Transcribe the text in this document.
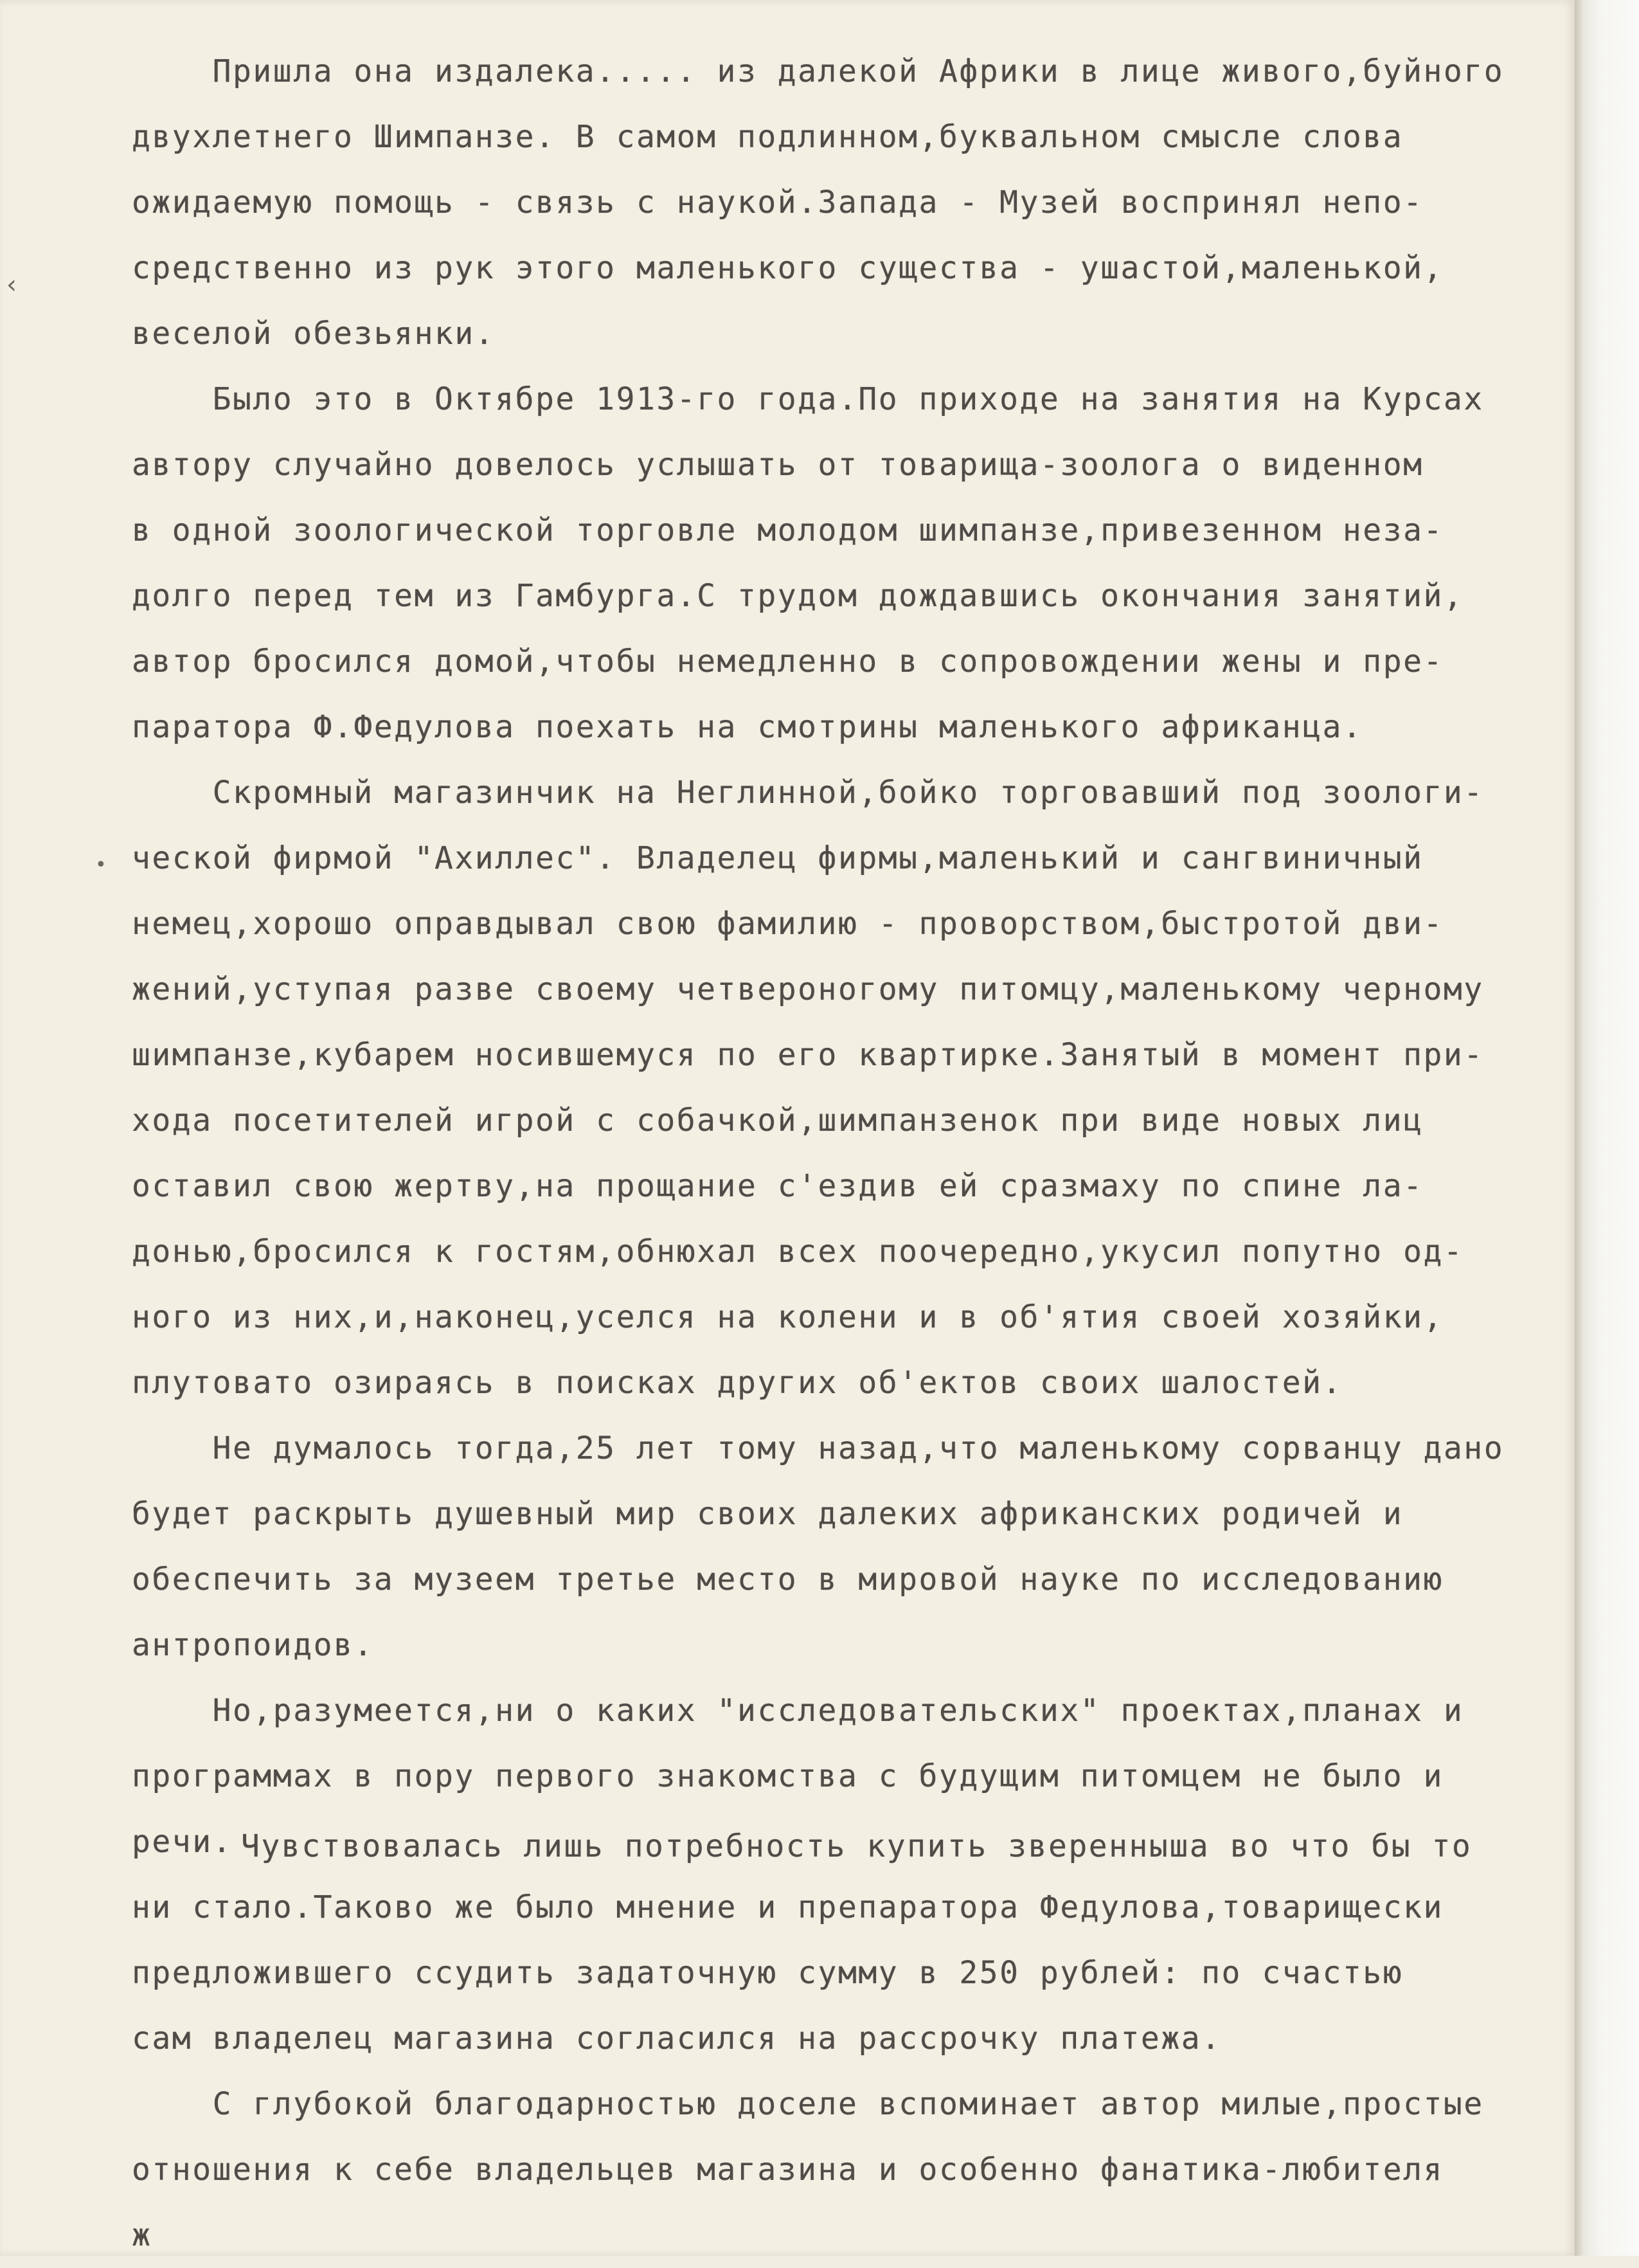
Пришла она издалека..... из далекой Африки в лице живого,буйного
двухлетнего Шимпанзе. В самом подлинном,буквальном смысле слова
ожидаемую помощь - связь с наукой.Запада - Музей воспринял непо-
средственно из рук этого маленького существа - ушастой,маленькой,
веселой обезьянки.
Было это в Октябре 1913-го года.По приходе на занятия на Курсах
автору случайно довелось услышать от товарища-зоолога о виденном
в одной зоологической торговле молодом шимпанзе,привезенном неза-
долго перед тем из Гамбурга.С трудом дождавшись окончания занятий,
автор бросился домой,чтобы немедленно в сопровождении жены и пре-
паратора Ф.Федулова поехать на смотрины маленького африканца.
Скромный магазинчик на Неглинной,бойко торговавший под зоологи-
ческой фирмой "Ахиллес". Владелец фирмы,маленький и сангвиничный
немец,хорошо оправдывал свою фамилию - проворством,быстротой дви-
жений,уступая разве своему четвероногому питомцу,маленькому черному
шимпанзе,кубарем носившемуся по его квартирке.Занятый в момент при-
хода посетителей игрой с собачкой,шимпанзенок при виде новых лиц
оставил свою жертву,на прощание с'ездив ей сразмаху по спине ла-
донью,бросился к гостям,обнюхал всех поочередно,укусил попутно од-
ного из них,и,наконец,уселся на колени и в об'ятия своей хозяйки,
плутовато озираясь в поисках других об'ектов своих шалостей.
Не думалось тогда,25 лет тому назад,что маленькому сорванцу дано
будет раскрыть душевный мир своих далеких африканских родичей и
обеспечить за музеем третье место в мировой науке по исследованию
антропоидов.
Но,разумеется,ни о каких "исследовательских" проектах,планах и
программах в пору первого знакомства с будущим питомцем не было и
речи.
ни стало.Таково же было мнение и препаратора Федулова,товарищески
предложившего ссудить задаточную сумму в 250 рублей: по счастью
сам владелец магазина согласился на рассрочку платежа.
С глубокой благодарностью доселе вспоминает автор милые,простые
отношения к себе владельцев магазина и особенно фанатика-любителя
ж
Чувствовалась лишь потребность купить зверенныша во что бы то
‹
•
